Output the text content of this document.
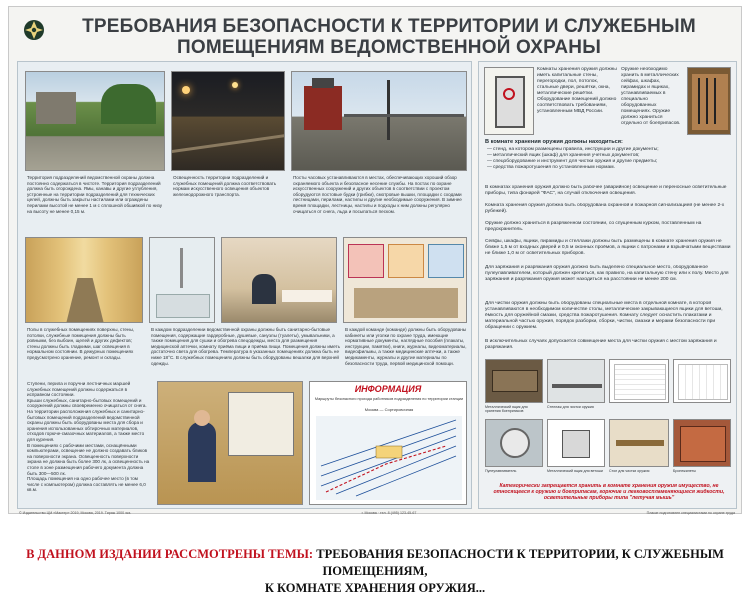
ТРЕБОВАНИЯ БЕЗОПАСНОСТИ К ТЕРРИТОРИИ И СЛУЖЕБНЫМ
ПОМЕЩЕНИЯМ ВЕДОМСТВЕННОЙ ОХРАНЫ
Территория подразделений ведомственной охраны должна постоянно содержаться в чистоте. Территория подразделений должна быть огорождена. Ямы, канавы и другие углубления, устроенные на территории подразделений для технических целей, должны быть закрыты настилами или ограждены перилами высотой не менее 1 м с сплошной обшивкой по низу на высоту не менее 0,15 м.
Освещенность территории подразделений и служебных помещений должна соответствовать нормам искусственного освещения объектов железнодорожного транспорта.
Посты часовых устанавливаются в местах, обеспечивающих хороший обзор охраняемого объекта и безопасное несение службы. На постах по охране искусственных сооружений и других объектов в соответствии с проектом оборудуются постовые будки (грибки), смотровые вышки, площадки с сходами лестницами, перилами, настилы и другие необходимые сооружения. В зимнее время площадки, лестницы, настилы и подходы к ним должны регулярно очищаться от снега, льда и посыпаться песком.
Полы в служебных помещениях поверхны, стены, потолки, служебные помещения должны быть ровными, без выбоин, щелей и других дефектов; стены должны быть гладкими, шаг освещения в нормальном состоянии. В дежурных помещениях предусмотрено хранение, ремонт и склады.
В каждом подразделении ведомственной охраны должны быть санитарно-бытовые помещения, содержащие гардеробные, душевые, санузлы (туалеты), умывальники, а также помещения для сушки и обогрева спецодежды, места для размещения медицинской аптечки, комнату приёма пищи и приёма пищи. Помещения должны иметь достаточно света для обогрева. Температура в указанных помещениях должна быть не ниже 18°С. В служебных помещениях должны быть оборудованы вешалки для верхней одежды.
В каждой команде (команде) должны быть оборудованы кабинеты или уголки по охране труда, имеющие нормативные документы, наглядные пособия (плакаты, инструкции, памятки), книги, журналы, видеоматериалы, видеофильмы, а также медицинские аптечки, а также медикаменты, журналы и другие материалы по безопасности труда, первой медицинской помощи.
Ступени, перила и поручни лестничных маршей служебных помещений должны содержаться в исправном состоянии.
Крыши служебных, санитарно-бытовых помещений и сооружений должны своевременно очищаться от снега.
На территории расположения служебных и санитарно-бытовых помещений подразделений ведомственной охраны должны быть оборудованы места для сбора и хранения использованных обтирочных материалов, отходов горюче-смазочных материалов, а также место для курения.
В помещениях с рабочими местами, оснащёнными компьютерами, освещение не должно создавать бликов на поверхности экрана. Освещенность поверхности экрана не должна быть более 300 лк, а освещенность на столе в зоне размещения рабочего документа должна быть 300—500 лк.
Площадь помещения на одно рабочее место (в том числе с компьютером) должна составлять не менее 6,0 кв.м.
ИНФОРМАЦИЯ
Маршруты безопасного прохода работников подразделения по территории станции
Москва — Сортировочная
Комнаты хранения оружия должны иметь капитальные стены, перегородки, пол, потолок, стальные двери, решётки, окна, металлические решётки. Оборудование помещений должно соответствовать требованиям, установленным МВД России.
Оружие необходимо хранить в металлических сейфах, шкафах, пирамидах и ящиках, устанавливаемых в специально оборудованных помещениях. Оружие должно храниться отдельно от боеприпасов.
В комнате хранения оружия должны находиться:
— стенд, на котором размещены правила, инструкции и другие документы;
— металлический ящик (шкаф) для хранения учетных документов;
— спецоборудование и инструмент для чистки оружия и другие предметы;
— средства пожаротушения по установленным нормам.
В комнатах хранения оружия должно быть рабочее (аварийное) освещение и переносные осветительные приборы, типа фонарей "ФАС", на случай отключения освещения.
Комната хранения оружия должна быть оборудована охранной и пожарной сигнализацией (не менее 2-х рубежей).
Оружие должно храниться в разряженном состоянии, со спущенным курком, поставленным на предохранитель.
Сейфы, шкафы, ящики, пирамиды и стеллажи должны быть размещены в комнате хранения оружия не ближе 1,5 м от входных дверей и 0,5 м оконных проёмов, а ящики с патронами и взрывчатыми веществами не ближе 1,0 м от осветительных приборов.
Для заряжания и разряжания оружия должно быть выделено специальное место, оборудованное пулеулавливателем, который должен крепиться, как правило, на капитальную стену или к полу. Место для заряжания и разряжания оружия может находиться на расстоянии не менее 200 см.
Для чистки оружия должны быть оборудованы специальные места в отдельной комнате, в которой устанавливаются в необходимом количестве столы, металлические закрывающиеся ящики для ветоши, ёмкость для оружейной смазки, средства пожаротушения. Комнату следует оснастить плакатами и материальной частью оружия, порядок разборки, сборки, чистки, смазки и мерами безопасности при обращении с оружием.
В исключительных случаях допускается совмещение места для чистки оружия с местом заряжания и разряжания.
Металлический ящик для хранения боеприпасов
Стеллаж для чистки оружия
Пулеулавливатель	Металлический ящик для ветоши	Стол для чистки оружия	Бронежилеты
Категорически запрещается хранить в комнате хранения оружия имущество, не относящееся к оружию и боеприпасам, горючие и легковоспламеняющиеся жидкости, осветительные приборы типа "летучая мышь"
© Издательство ЦМ «Мактер» 2019, Москва, 2019. Тираж 1000 экз.	г. Москва · тел. 8 (495) 123-45-67	Плакат подготовлен специалистами по охране труда
В ДАННОМ ИЗДАНИИ РАССМОТРЕНЫ ТЕМЫ: ТРЕБОВАНИЯ БЕЗОПАСНОСТИ К ТЕРРИТОРИИ, К СЛУЖЕБНЫМ ПОМЕЩЕНИЯМ,
К КОМНАТЕ ХРАНЕНИЯ ОРУЖИЯ...
